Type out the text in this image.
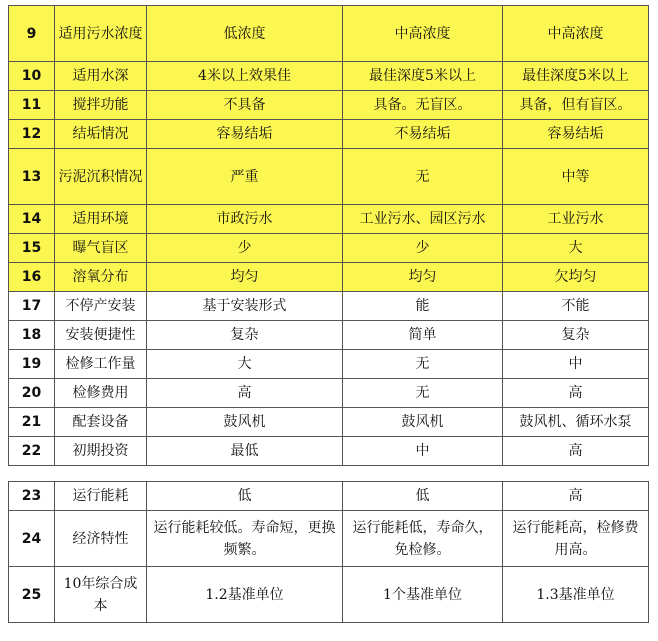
9	适用污水浓度	低浓度	中高浓度	中高浓度
10	适用水深	4米以上效果佳	最佳深度5米以上	最佳深度5米以上
11	搅拌功能	不具备	具备。无盲区。	具备，但有盲区。
12	结垢情况	容易结垢	不易结垢	容易结垢
13	污泥沉积情况	严重	无	中等
14	适用环境	市政污水	工业污水、园区污水	工业污水
15	曝气盲区	少	少	大
16	溶氧分布	均匀	均匀	欠均匀
17	不停产安装	基于安装形式	能	不能
18	安装便捷性	复杂	简单	复杂
19	检修工作量	大	无	中
20	检修费用	高	无	高
21	配套设备	鼓风机	鼓风机	鼓风机、循环水泵
22	初期投资	最低	中	高
23	运行能耗	低	低	高
24	经济特性	运行能耗较低。寿命短，更换频繁。	运行能耗低，寿命久，免检修。	运行能耗高，检修费用高。
25	10年综合成本	1.2基准单位	1个基准单位	1.3基准单位
